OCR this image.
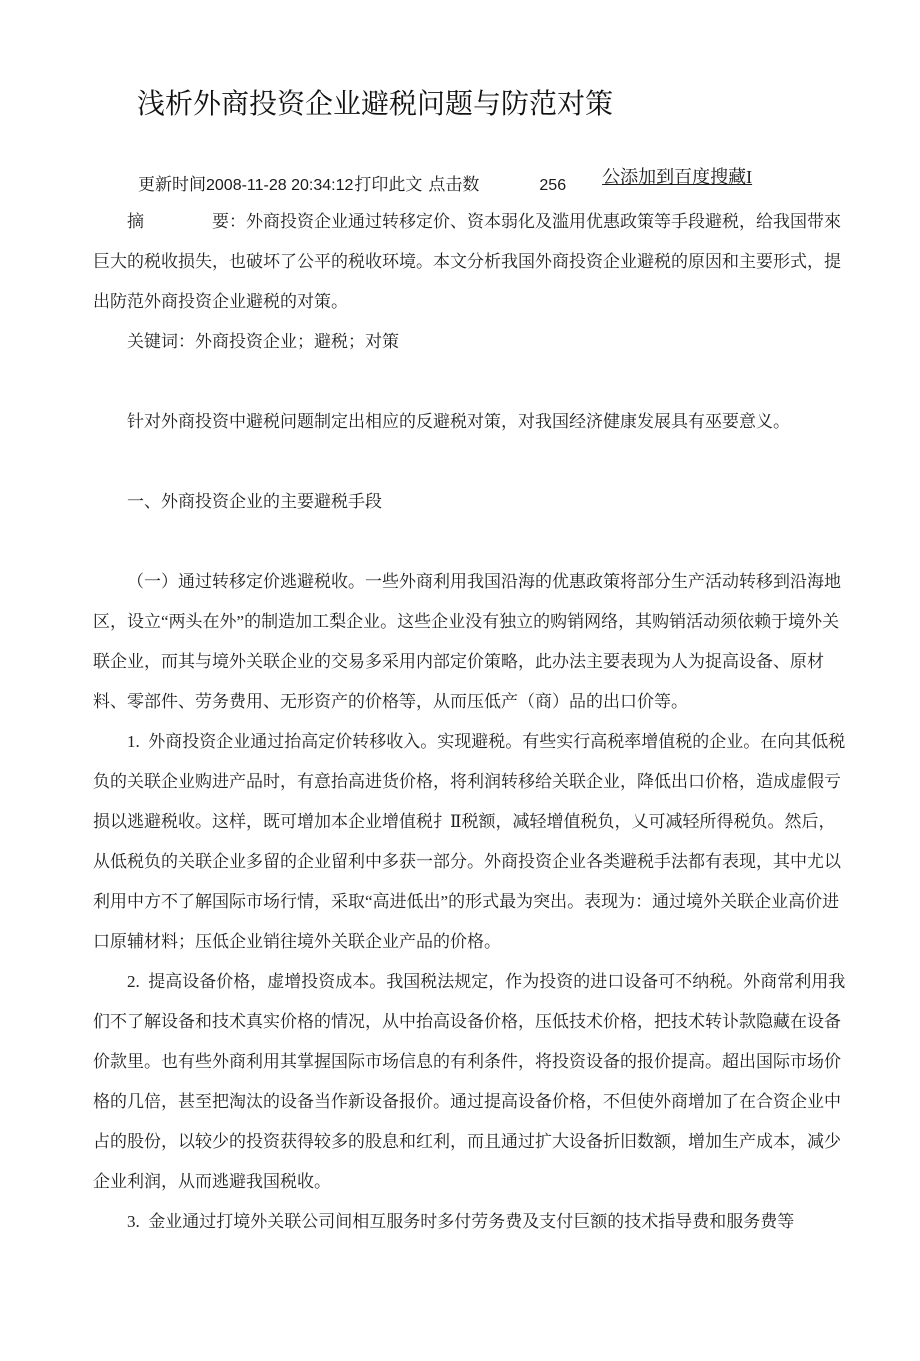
浅析外商投资企业避税问题与防范对策
更新时间2008-11-28 20:34:12打印此文 点击数	256 公添加到百度搜藏I

摘　　　　要：外商投资企业通过转移定价、资本弱化及滥用优惠政策等手段避税，给我国带來巨大的税收损失，也破坏了公平的税收环境。本文分析我国外商投资企业避税的原因和主要形式，提出防范外商投资企业避税的对策。

关键词：外商投资企业；避税；对策

针对外商投资中避税问题制定出相应的反避税对策，对我国经济健康发展具有巫要意义。

一、外商投资企业的主要避税手段

（一）通过转移定价逃避税收。一些外商利用我国沿海的优惠政策将部分生产活动转移到沿海地区，设立“两头在外”的制造加工梨企业。这些企业没有独立的购销网络，其购销活动须依赖于境外关联企业，而其与境外关联企业的交易多采用内部定价策略，此办法主要表现为人为捉高设备、原材料、零部件、劳务费用、无形资产的价格等，从而压低产（商）品的出口价等。

1.  外商投资企业通过抬高定价转移收入。实现避税。有些实行高税率增值税的企业。在向其低税负的关联企业购进产品时，有意抬高进货价格，将利润转移给关联企业，降低出口价格，造成虚假亏损以逃避税收。这样，既可增加本企业增值税扌Ⅱ税额，减轻增值税负，乂可减轻所得税负。然后，从低税负的关联企业多留的企业留利中多获一部分。外商投资企业各类避税手法都有表现，其中尤以利用中方不了解国际市场行情，采取“高进低出”的形式最为突出。表现为：通过境外关联企业高价进口原辅材料；压低企业销往境外关联企业产品的价格。

2.  提高设备价格，虚增投资成本。我国税法规定，作为投资的进口设备可不纳税。外商常利用我们不了解设备和技术真实价格的情况，从中抬高设备价格，压低技术价格，把技术转讣款隐藏在设备价款里。也有些外商利用其掌握国际市场信息的有利条件，将投资设备的报价提高。超出国际市场价格的几倍，甚至把淘汰的设备当作新设备报价。通过提高设备价格，不但使外商增加了在合资企业中占的股份，以较少的投资获得较多的股息和红利，而且通过扩大设备折旧数额，增加生产成本，减少企业利润，从而逃避我国税收。

3.  金业通过打境外关联公司间相互服务时多付劳务费及支付巨额的技术指导费和服务费等
